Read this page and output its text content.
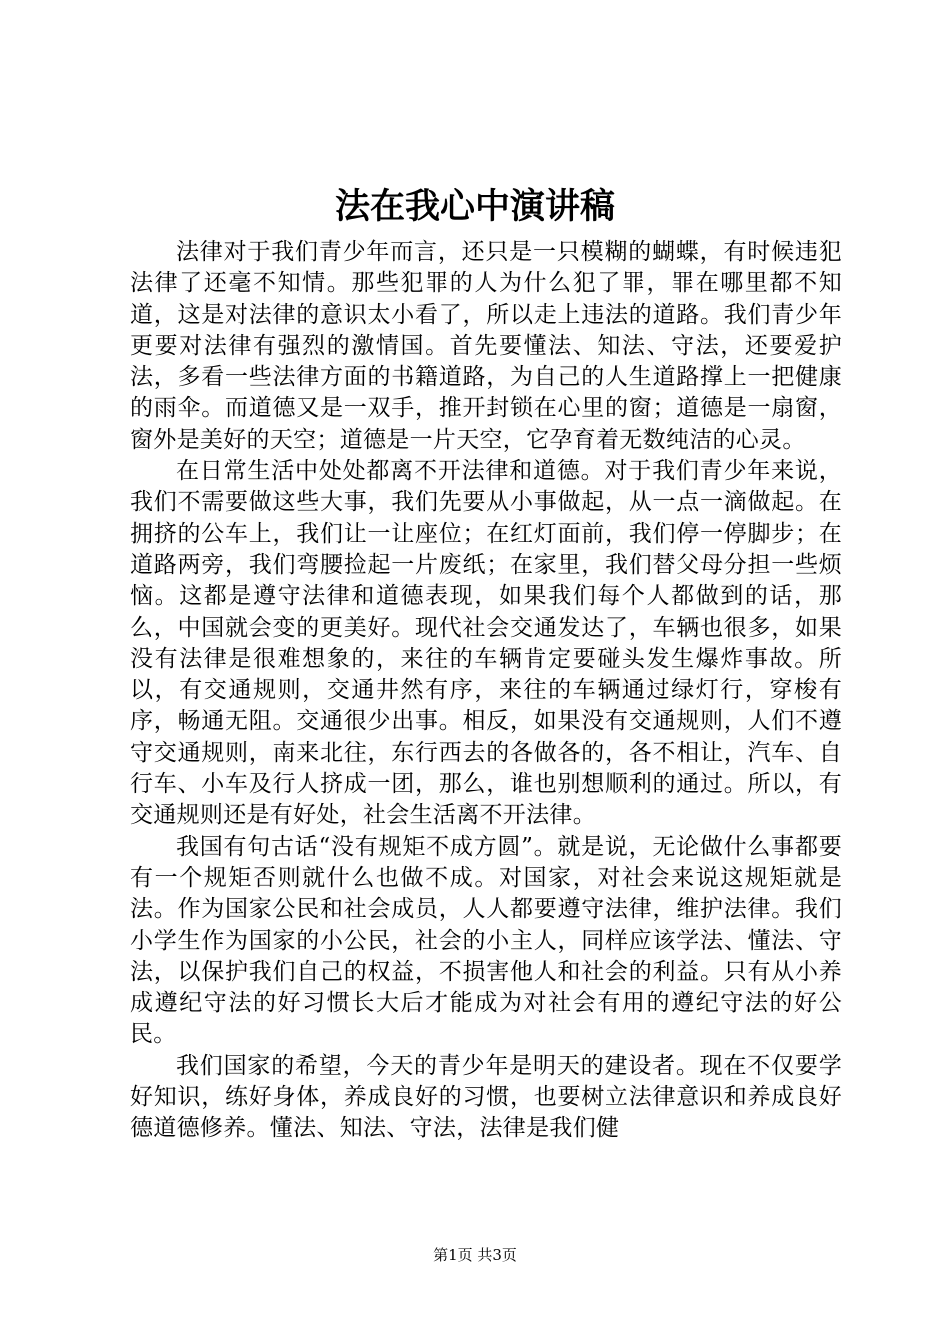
法在我心中演讲稿

法律对于我们青少年而言，还只是一只模糊的蝴蝶，有时候违犯法律了还毫不知情。那些犯罪的人为什么犯了罪，罪在哪里都不知道，这是对法律的意识太小看了，所以走上违法的道路。我们青少年更要对法律有强烈的激情国。首先要懂法、知法、守法，还要爱护法，多看一些法律方面的书籍道路，为自己的人生道路撑上一把健康的雨伞。而道德又是一双手，推开封锁在心里的窗；道德是一扇窗，窗外是美好的天空；道德是一片天空，它孕育着无数纯洁的心灵。

在日常生活中处处都离不开法律和道德。对于我们青少年来说，我们不需要做这些大事，我们先要从小事做起，从一点一滴做起。在拥挤的公车上，我们让一让座位；在红灯面前，我们停一停脚步；在道路两旁，我们弯腰捡起一片废纸；在家里，我们替父母分担一些烦恼。这都是遵守法律和道德表现，如果我们每个人都做到的话，那么，中国就会变的更美好。现代社会交通发达了，车辆也很多，如果没有法律是很难想象的，来往的车辆肯定要碰头发生爆炸事故。所以，有交通规则，交通井然有序，来往的车辆通过绿灯行，穿梭有序，畅通无阻。交通很少出事。相反，如果没有交通规则，人们不遵守交通规则，南来北往，东行西去的各做各的，各不相让，汽车、自行车、小车及行人挤成一团，那么，谁也别想顺利的通过。所以，有交通规则还是有好处，社会生活离不开法律。

我国有句古话“没有规矩不成方圆”。就是说，无论做什么事都要有一个规矩否则就什么也做不成。对国家，对社会来说这规矩就是法。作为国家公民和社会成员，人人都要遵守法律，维护法律。我们小学生作为国家的小公民，社会的小主人，同样应该学法、懂法、守法，以保护我们自己的权益，不损害他人和社会的利益。只有从小养成遵纪守法的好习惯长大后才能成为对社会有用的遵纪守法的好公民。

我们国家的希望，今天的青少年是明天的建设者。现在不仅要学好知识，练好身体，养成良好的习惯，也要树立法律意识和养成良好德道德修养。懂法、知法、守法，法律是我们健

第1页 共3页
